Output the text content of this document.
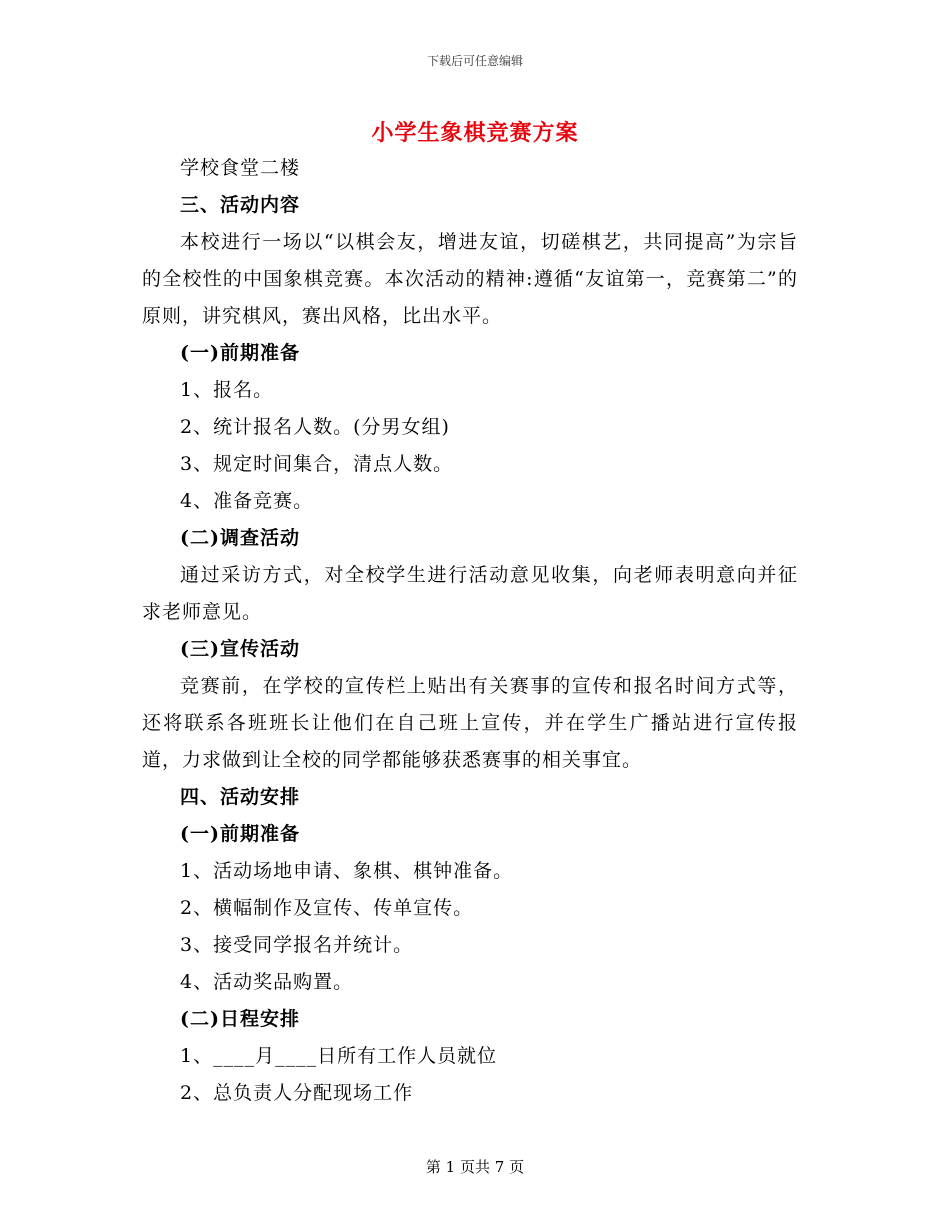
下载后可任意编辑
小学生象棋竞赛方案

学校食堂二楼

三、活动内容

本校进行一场以“以棋会友，增进友谊，切磋棋艺，共同提高”为宗旨的全校性的中国象棋竞赛。本次活动的精神:遵循“友谊第一，竞赛第二”的原则，讲究棋风，赛出风格，比出水平。

(一)前期准备

1、报名。

2、统计报名人数。(分男女组)

3、规定时间集合，清点人数。

4、准备竞赛。

(二)调查活动

通过采访方式，对全校学生进行活动意见收集，向老师表明意向并征求老师意见。

(三)宣传活动

竞赛前，在学校的宣传栏上贴出有关赛事的宣传和报名时间方式等，还将联系各班班长让他们在自己班上宣传，并在学生广播站进行宣传报道，力求做到让全校的同学都能够获悉赛事的相关事宜。

四、活动安排

(一)前期准备

1、活动场地申请、象棋、棋钟准备。

2、横幅制作及宣传、传单宣传。

3、接受同学报名并统计。

4、活动奖品购置。

(二)日程安排

1、____月____日所有工作人员就位

2、总负责人分配现场工作

第 1 页共 7 页
